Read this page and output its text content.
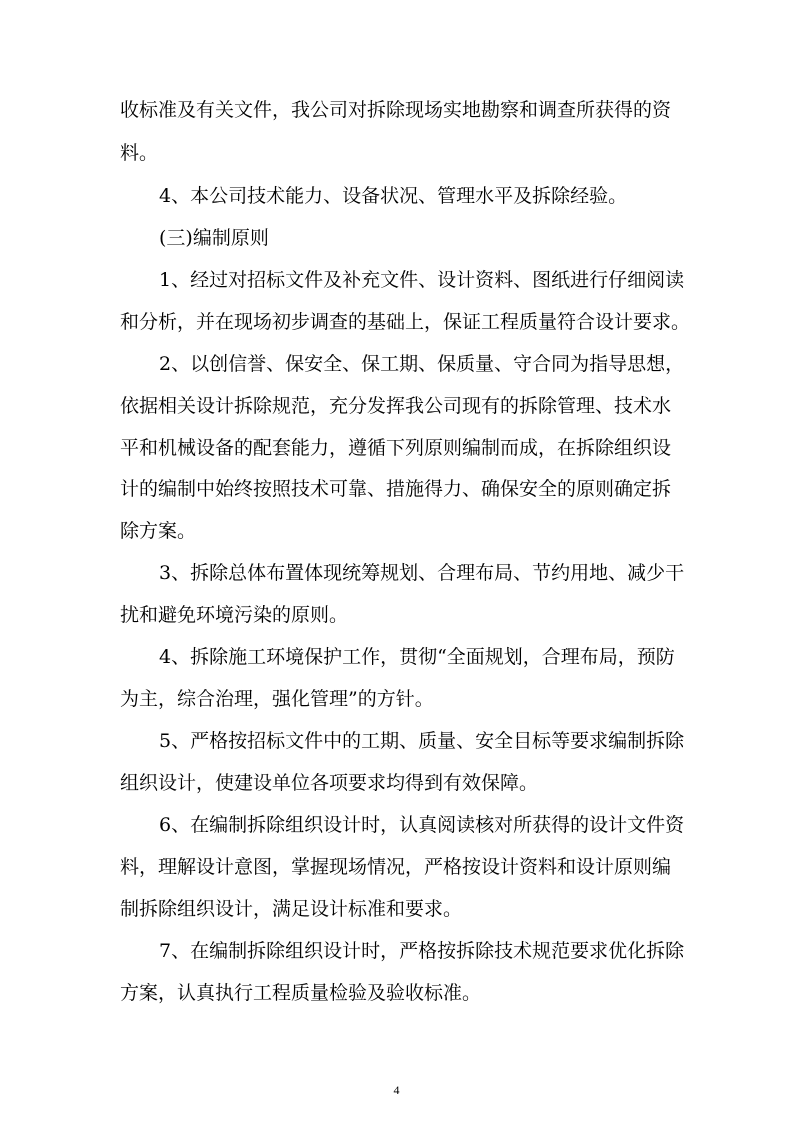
收标准及有关文件，我公司对拆除现场实地勘察和调查所获得的资
料。
4、本公司技术能力、设备状况、管理水平及拆除经验。
(三)编制原则
1、经过对招标文件及补充文件、设计资料、图纸进行仔细阅读
和分析，并在现场初步调查的基础上，保证工程质量符合设计要求。
2、以创信誉、保安全、保工期、保质量、守合同为指导思想，
依据相关设计拆除规范，充分发挥我公司现有的拆除管理、技术水
平和机械设备的配套能力，遵循下列原则编制而成，在拆除组织设
计的编制中始终按照技术可靠、措施得力、确保安全的原则确定拆
除方案。
3、拆除总体布置体现统筹规划、合理布局、节约用地、减少干
扰和避免环境污染的原则。
4、拆除施工环境保护工作，贯彻“全面规划，合理布局，预防
为主，综合治理，强化管理”的方针。
5、严格按招标文件中的工期、质量、安全目标等要求编制拆除
组织设计，使建设单位各项要求均得到有效保障。
6、在编制拆除组织设计时，认真阅读核对所获得的设计文件资
料，理解设计意图，掌握现场情况，严格按设计资料和设计原则编
制拆除组织设计，满足设计标准和要求。
7、在编制拆除组织设计时，严格按拆除技术规范要求优化拆除
方案，认真执行工程质量检验及验收标准。
4
